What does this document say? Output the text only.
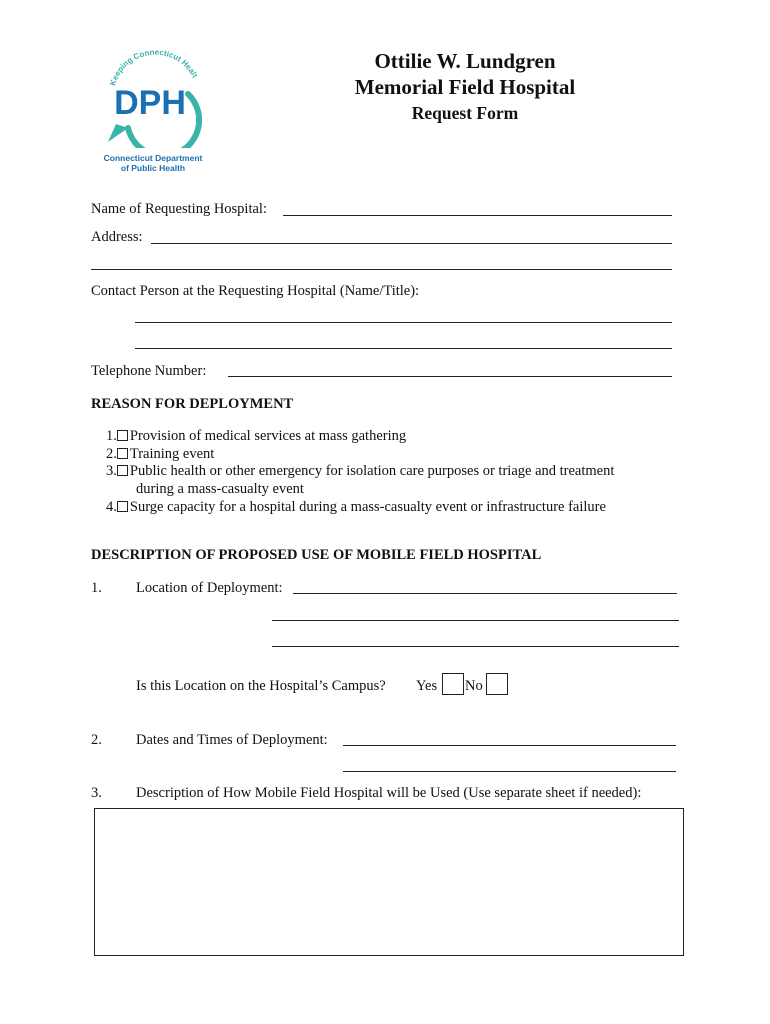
Keeping Connecticut Healt
DPH
Connecticut Department
of Public Health
Ottilie W. Lundgren
Memorial Field Hospital
Request Form
Name of Requesting Hospital:
Address:
Contact Person at the Requesting Hospital (Name/Title):
Telephone Number:
REASON FOR DEPLOYMENT
1. Provision of medical services at mass gathering
2. Training event
3. Public health or other emergency for isolation care purposes or triage and treatment
during a mass-casualty event
4. Surge capacity for a hospital during a mass-casualty event or infrastructure failure
DESCRIPTION OF PROPOSED USE OF MOBILE FIELD HOSPITAL
1. Location of Deployment:
Is this Location on the Hospital’s Campus? Yes No
2. Dates and Times of Deployment:
3. Description of How Mobile Field Hospital will be Used (Use separate sheet if needed):
